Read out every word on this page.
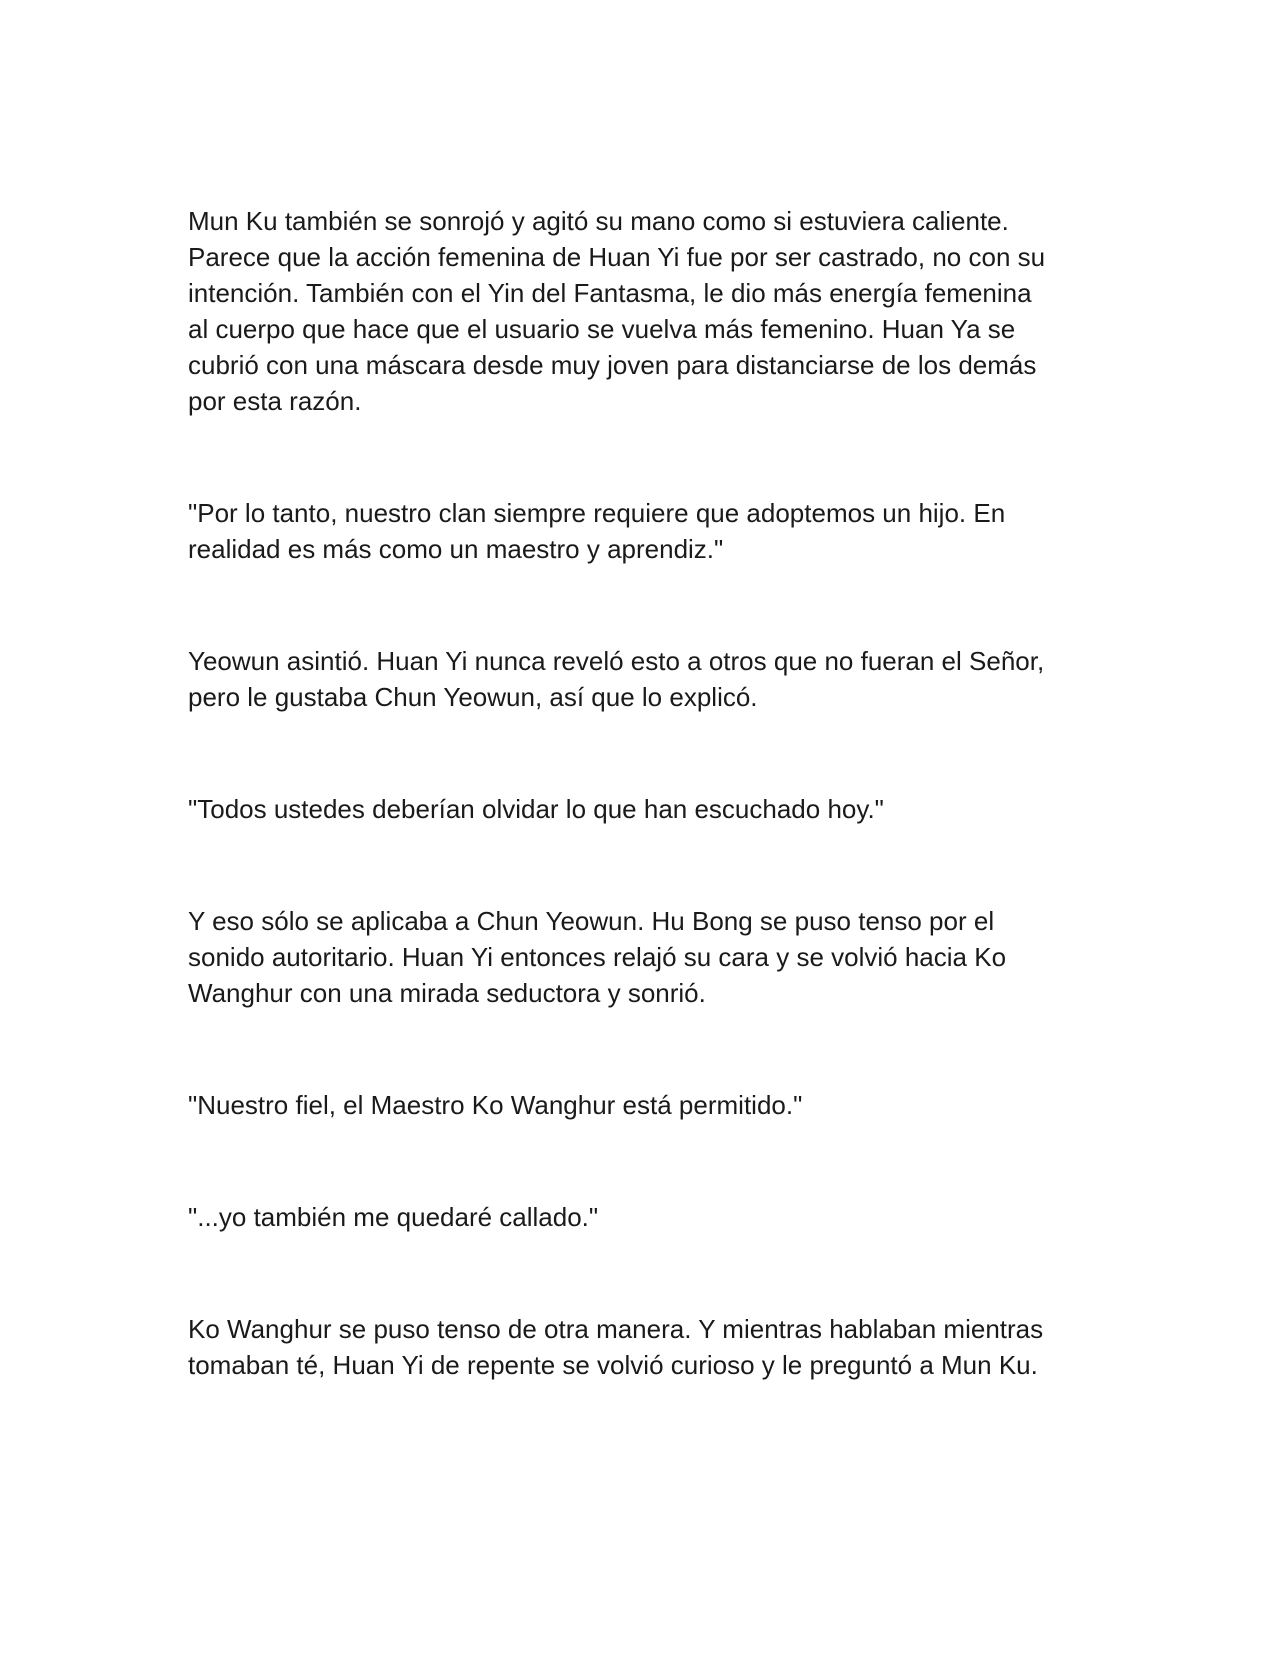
Mun Ku también se sonrojó y agitó su mano como si estuviera caliente.
Parece que la acción femenina de Huan Yi fue por ser castrado, no con su
intención. También con el Yin del Fantasma, le dio más energía femenina
al cuerpo que hace que el usuario se vuelva más femenino. Huan Ya se
cubrió con una máscara desde muy joven para distanciarse de los demás
por esta razón.

"Por lo tanto, nuestro clan siempre requiere que adoptemos un hijo. En
realidad es más como un maestro y aprendiz."

Yeowun asintió. Huan Yi nunca reveló esto a otros que no fueran el Señor,
pero le gustaba Chun Yeowun, así que lo explicó.

"Todos ustedes deberían olvidar lo que han escuchado hoy."

Y eso sólo se aplicaba a Chun Yeowun. Hu Bong se puso tenso por el
sonido autoritario. Huan Yi entonces relajó su cara y se volvió hacia Ko
Wanghur con una mirada seductora y sonrió.

"Nuestro fiel, el Maestro Ko Wanghur está permitido."

"...yo también me quedaré callado."

Ko Wanghur se puso tenso de otra manera. Y mientras hablaban mientras
tomaban té, Huan Yi de repente se volvió curioso y le preguntó a Mun Ku.
